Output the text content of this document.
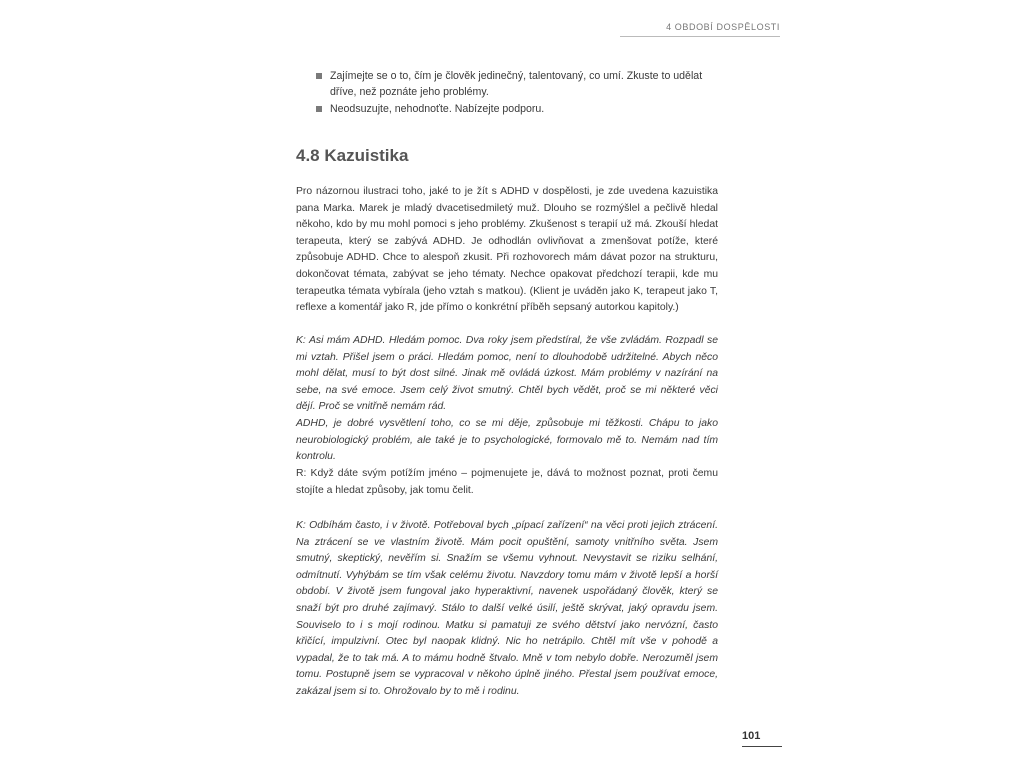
4 OBDOBÍ DOSPĚLOSTI
Zajímejte se o to, čím je člověk jedinečný, talentovaný, co umí. Zkuste to udělat dříve, než poznáte jeho problémy.
Neodsuzujte, nehodnoťte. Nabízejte podporu.
4.8 Kazuistika

Pro názornou ilustraci toho, jaké to je žít s ADHD v dospělosti, je zde uvedena kazuistika pana Marka. Marek je mladý dvacetisedmiletý muž. Dlouho se rozmýšlel a pečlivě hledal někoho, kdo by mu mohl pomoci s jeho problémy. Zkušenost s terapií už má. Zkouší hledat terapeuta, který se zabývá ADHD. Je odhodlán ovlivňovat a zmenšovat potíže, které způsobuje ADHD. Chce to alespoň zkusit. Při rozhovorech mám dávat pozor na strukturu, dokončovat témata, zabývat se jeho tématy. Nechce opakovat předchozí terapii, kde mu terapeutka témata vybírala (jeho vztah s matkou). (Klient je uváděn jako K, terapeut jako T, reflexe a komentář jako R, jde přímo o konkrétní příběh sepsaný autorkou kapitoly.)

K: Asi mám ADHD. Hledám pomoc. Dva roky jsem předstíral, že vše zvládám. Rozpadl se mi vztah. Přišel jsem o práci. Hledám pomoc, není to dlouhodobě udržitelné. Abych něco mohl dělat, musí to být dost silné. Jinak mě ovládá úzkost. Mám problémy v nazírání na sebe, na své emoce. Jsem celý život smutný. Chtěl bych vědět, proč se mi některé věci dějí. Proč se vnitřně nemám rád.
ADHD, je dobré vysvětlení toho, co se mi děje, způsobuje mi těžkosti. Chápu to jako neurobiologický problém, ale také je to psychologické, formovalo mě to. Nemám nad tím kontrolu.

R: Když dáte svým potížím jméno – pojmenujete je, dává to možnost poznat, proti čemu stojíte a hledat způsoby, jak tomu čelit.

K: Odbíhám často, i v životě. Potřeboval bych „pípací zařízení“ na věci proti jejich ztrácení. Na ztrácení se ve vlastním životě. Mám pocit opuštění, samoty vnitřního světa. Jsem smutný, skeptický, nevěřím si. Snažím se všemu vyhnout. Nevystavit se riziku selhání, odmítnutí. Vyhýbám se tím však celému životu. Navzdory tomu mám v životě lepší a horší období. V životě jsem fungoval jako hyperaktivní, navenek uspořádaný člověk, který se snaží být pro druhé zajímavý. Stálo to další velké úsilí, ještě skrývat, jaký opravdu jsem. Souviselo to i s mojí rodinou. Matku si pamatuji ze svého dětství jako nervózní, často křičící, impulzivní. Otec byl naopak klidný. Nic ho netrápilo. Chtěl mít vše v pohodě a vypadal, že to tak má. A to mámu hodně štvalo. Mně v tom nebylo dobře. Nerozuměl jsem tomu. Postupně jsem se vypracoval v někoho úplně jiného. Přestal jsem používat emoce, zakázal jsem si to. Ohrožovalo by to mě i rodinu.

101
